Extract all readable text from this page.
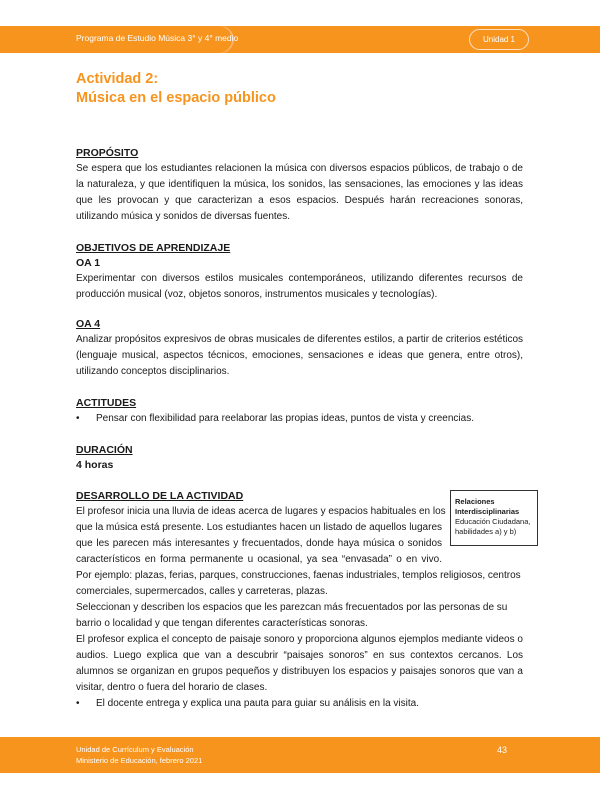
Programa de Estudio Música 3° y 4° medio	Unidad 1
Actividad 2:
Música en el espacio público
PROPÓSITO

Se espera que los estudiantes relacionen la música con diversos espacios públicos, de trabajo o de la naturaleza, y que identifiquen la música, los sonidos, las sensaciones, las emociones y las ideas que les provocan y que caracterizan a esos espacios. Después harán recreaciones sonoras, utilizando música y sonidos de diversas fuentes.

OBJETIVOS DE APRENDIZAJE
OA 1

Experimentar con diversos estilos musicales contemporáneos, utilizando diferentes recursos de producción musical (voz, objetos sonoros, instrumentos musicales y tecnologías).

OA 4

Analizar propósitos expresivos de obras musicales de diferentes estilos, a partir de criterios estéticos (lenguaje musical, aspectos técnicos, emociones, sensaciones e ideas que genera, entre otros), utilizando conceptos disciplinarios.

ACTITUDES
•	Pensar con flexibilidad para reelaborar las propias ideas, puntos de vista y creencias.
DURACIÓN
4 horas
DESARROLLO DE LA ACTIVIDAD

El profesor inicia una lluvia de ideas acerca de lugares y espacios habituales en los

que la música está presente. Los estudiantes hacen un listado de aquellos lugares

que les parecen más interesantes y frecuentados, donde haya música o sonidos

característicos en forma permanente u ocasional, ya sea “envasada” o en vivo.

Por ejemplo: plazas, ferias, parques, construcciones, faenas industriales, templos religiosos, centros comerciales, supermercados, calles y carreteras, plazas.

Seleccionan y describen los espacios que les parezcan más frecuentados por las personas de su barrio o localidad y que tengan diferentes características sonoras.

El profesor explica el concepto de paisaje sonoro y proporciona algunos ejemplos mediante videos o audios. Luego explica que van a descubrir “paisajes sonoros” en sus contextos cercanos. Los alumnos se organizan en grupos pequeños y distribuyen los espacios y paisajes sonoros que van a visitar, dentro o fuera del horario de clases.

•	El docente entrega y explica una pauta para guiar su análisis en la visita.
Relaciones
Interdisciplinarias
Educación Ciudadana,
habilidades a) y b)
Unidad de Currículum y Evaluación
Ministerio de Educación, febrero 2021
43
